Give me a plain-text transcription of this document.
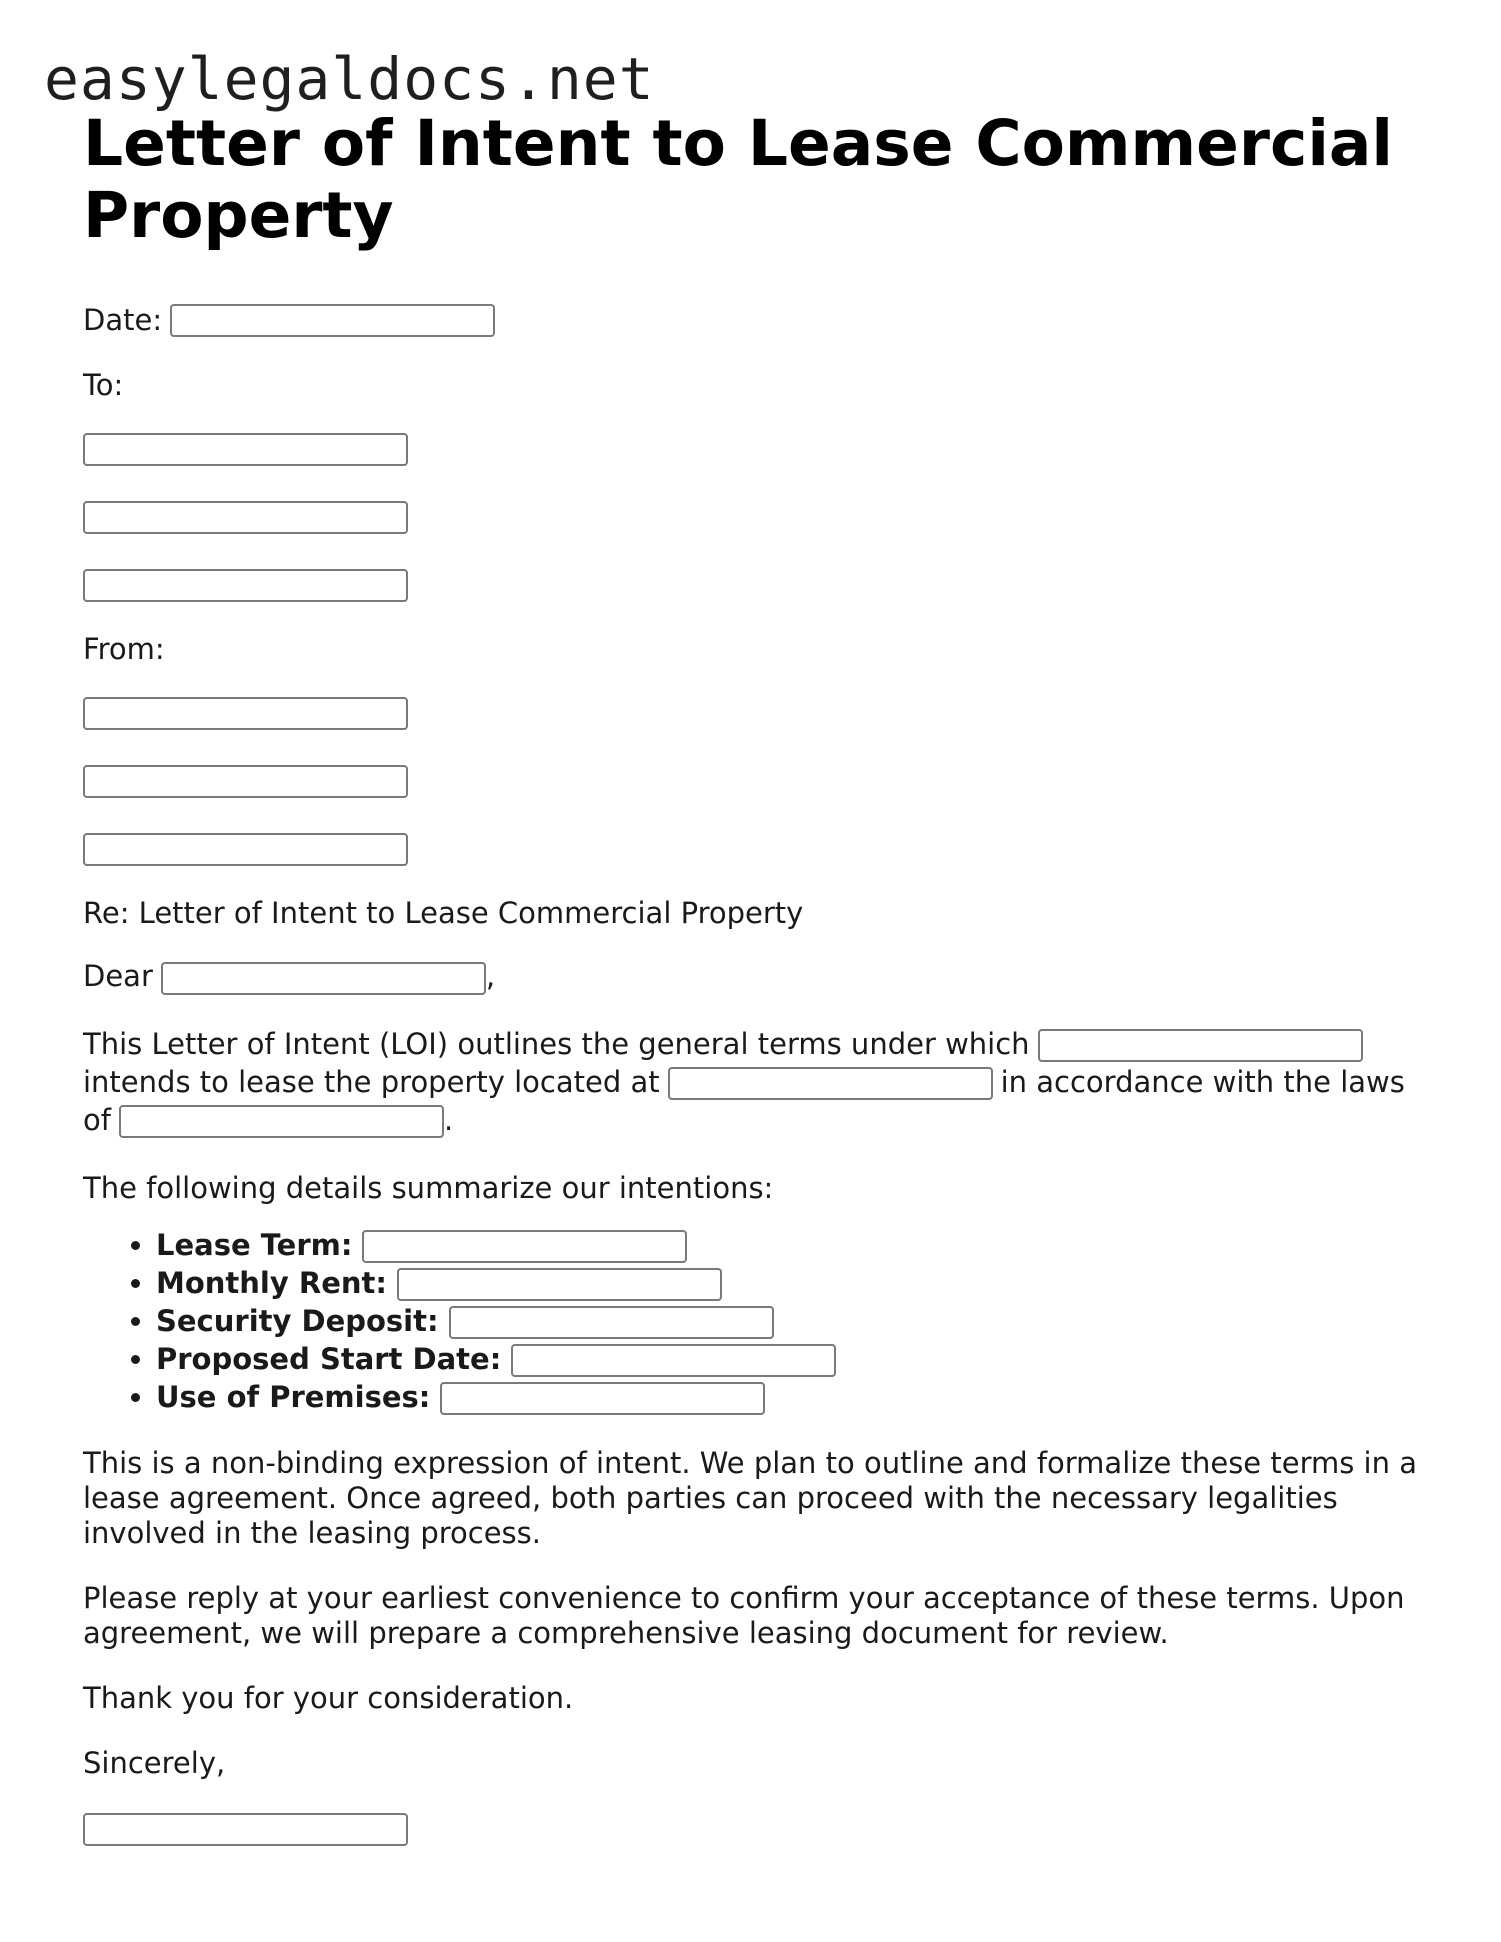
easylegaldocs.net
Letter of Intent to Lease Commercial Property
Date:

To:

From:

Re: Letter of Intent to Lease Commercial Property

Dear	,

This Letter of Intent (LOI) outlines the general terms under whichintends to lease the property located at	in accordance with the laws of	.

The following details summarize our intentions:

• Lease Term:
• Monthly Rent:
• Security Deposit:
• Proposed Start Date:
• Use of Premises:

This is a non-binding expression of intent. We plan to outline and formalize these terms in a lease agreement. Once agreed, both parties can proceed with the necessary legalities involved in the leasing process.

Please reply at your earliest convenience to confirm your acceptance of these terms. Upon agreement, we will prepare a comprehensive leasing document for review.

Thank you for your consideration.

Sincerely,
